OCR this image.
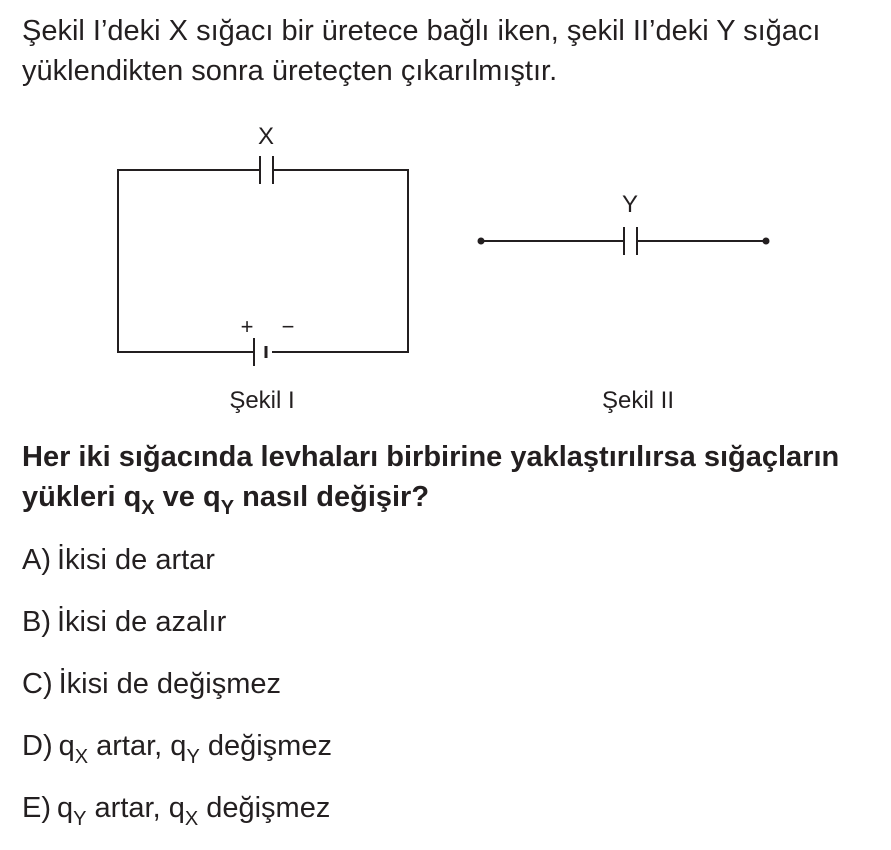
Şekil I’deki X sığacı bir üretece bağlı iken, şekil II’deki Y sığacı yüklendikten sonra üreteçten çıkarılmıştır.

X
+ −
Şekil I
Y
Şekil II

Her iki sığacında levhaları birbirine yaklaştırılırsa sığaçların yükleri $q_X$ ve $q_Y$ nasıl değişir?

A) İkisi de artar
B) İkisi de azalır
C) İkisi de değişmez
D) $q_X$ artar, $q_Y$ değişmez
E) $q_Y$ artar, $q_X$ değişmez
